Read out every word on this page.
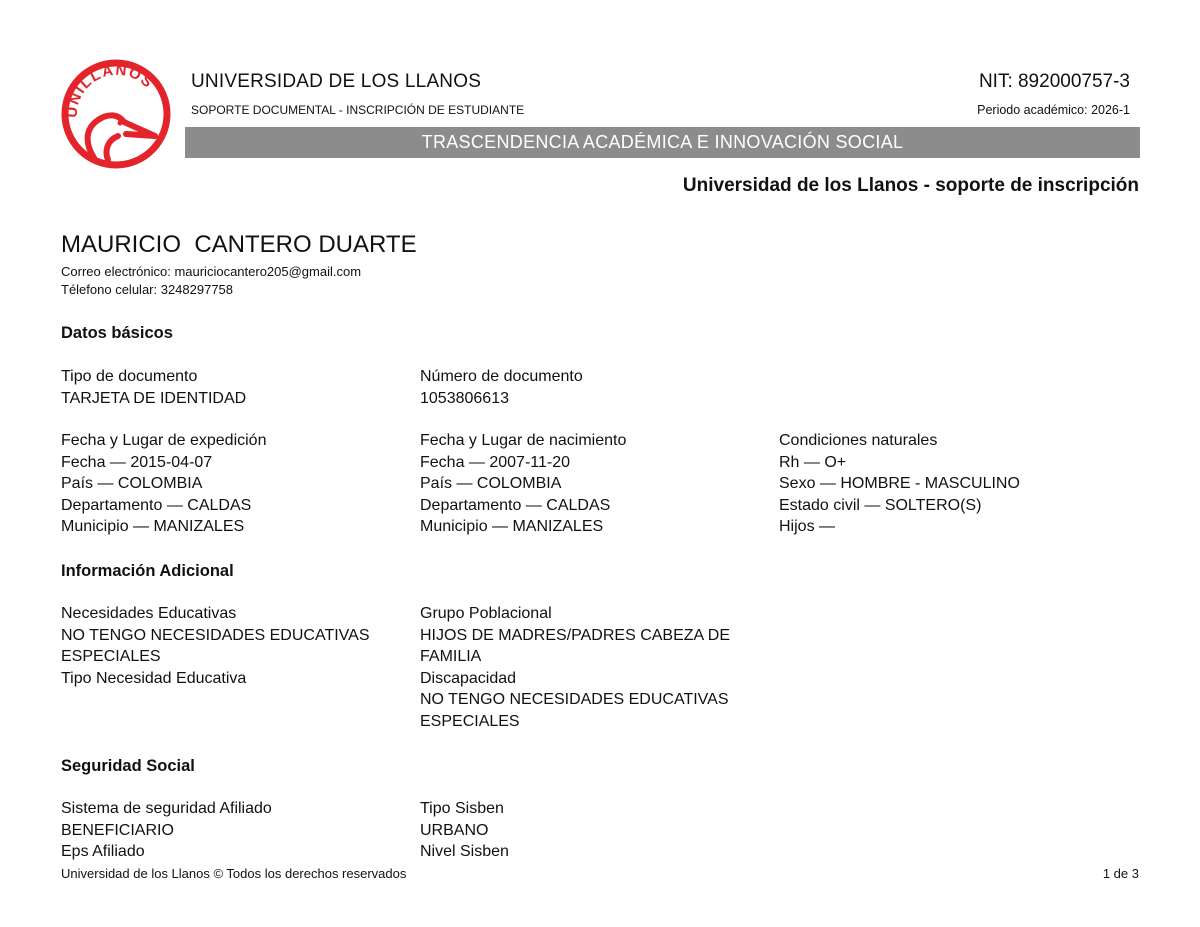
UNILLANOS UNIVERSIDAD DE LOS LLANOS
SOPORTE DOCUMENTAL - INSCRIPCIÓN DE ESTUDIANTE
NIT: 892000757-3
Periodo académico: 2026-1
TRASCENDENCIA ACADÉMICA E INNOVACIÓN SOCIAL
Universidad de los Llanos - soporte de inscripción
MAURICIO  CANTERO DUARTE
Correo electrónico: mauriciocantero205@gmail.com
Télefono celular: 3248297758
Datos básicos
Tipo de documento
TARJETA DE IDENTIDAD
Número de documento
1053806613
Fecha y Lugar de expedición
Fecha — 2015-04-07
País — COLOMBIA
Departamento — CALDAS
Municipio — MANIZALES
Fecha y Lugar de nacimiento
Fecha — 2007-11-20
País — COLOMBIA
Departamento — CALDAS
Municipio — MANIZALES
Condiciones naturales
Rh — O+
Sexo — HOMBRE - MASCULINO
Estado civil — SOLTERO(S)
Hijos —
Información Adicional
Necesidades Educativas
NO TENGO NECESIDADES EDUCATIVAS
ESPECIALES
Tipo Necesidad Educativa
Grupo Poblacional
HIJOS DE MADRES/PADRES CABEZA DE
FAMILIA
Discapacidad
NO TENGO NECESIDADES EDUCATIVAS
ESPECIALES
Seguridad Social
Sistema de seguridad Afiliado
BENEFICIARIO
Eps Afiliado
Tipo Sisben
URBANO
Nivel Sisben
Universidad de los Llanos © Todos los derechos reservados	1 de 3
